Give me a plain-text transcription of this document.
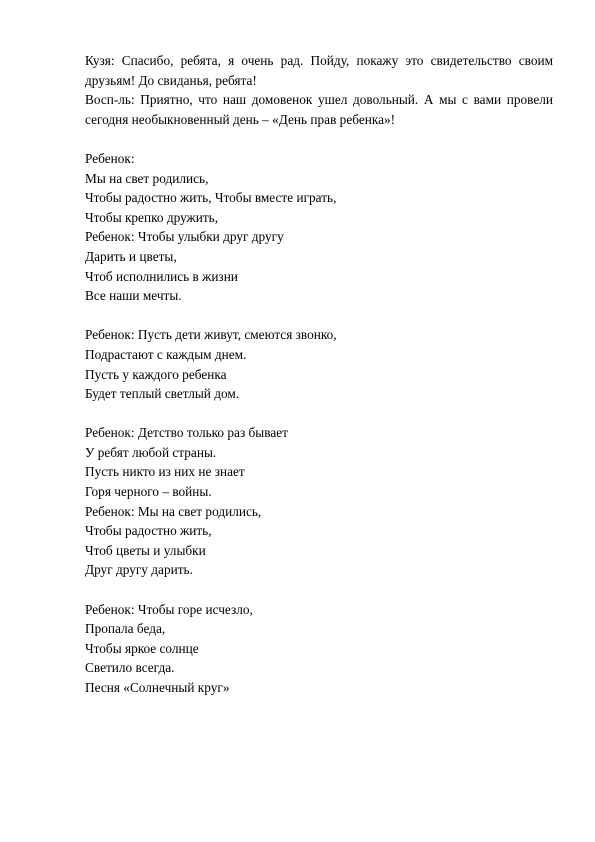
Кузя: Спасибо, ребята, я очень рад. Пойду, покажу это свидетельство своим
друзьям! До свиданья, ребята!
Восп-ль: Приятно, что наш домовенок ушел довольный. А мы с вами провели
сегодня необыкновенный день – «День прав ребенка»!
Ребенок:
Мы на свет родились,
Чтобы радостно жить, Чтобы вместе играть,
Чтобы крепко дружить,
Ребенок: Чтобы улыбки друг другу
Дарить и цветы,
Чтоб исполнились в жизни
Все наши мечты.
Ребенок: Пусть дети живут, смеются звонко,
Подрастают с каждым днем.
Пусть у каждого ребенка
Будет теплый светлый дом.
Ребенок: Детство только раз бывает
У ребят любой страны.
Пусть никто из них не знает
Горя черного – войны.
Ребенок: Мы на свет родились,
Чтобы радостно жить,
Чтоб цветы и улыбки
Друг другу дарить.
Ребенок: Чтобы горе исчезло,
Пропала беда,
Чтобы яркое солнце
Светило всегда.
Песня «Солнечный круг»
